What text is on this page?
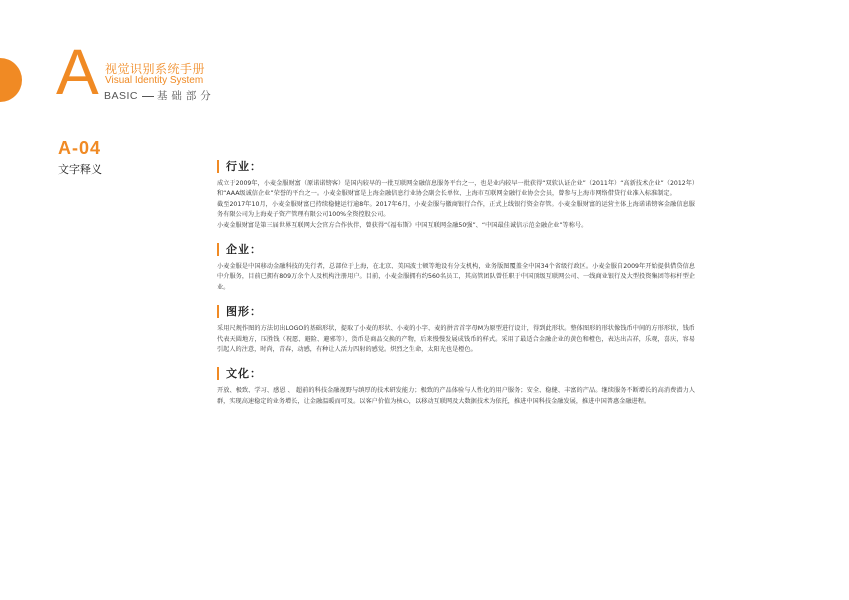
A 视觉识别系统手册
Visual Identity System
BASIC 基 础 部 分
A-04
文字释义	行业：

成立于2009年，小麦金服财富（原诺诺镑客）是国内较早的一批互联网金融信息服务平台之一，也是业内较早一批获得“双软认证企业”（2011年）“高新技术企业”（2012年）和“AAA级诚信企业”荣誉的平台之一。小麦金服财富是上海金融信息行业协会副会长单位、上海市互联网金融行业协会会员，曾参与上海市网络借贷行业准入标准制定。

截至2017年10月，小麦金服财富已持续稳健运行逾8年。2017年6月，小麦金服与徽商银行合作，正式上线银行资金存管。小麦金服财富的运营主体上海诺诺镑客金融信息服务有限公司为上海麦子资产管理有限公司100%全资控股公司。

小麦金服财富是第三届世界互联网大会官方合作伙伴，曾获得“《福布斯》中国互联网金融50强”、“中国最佳诚信示范金融企业”等称号。

企业：

小麦金服是中国移动金融科技的先行者，总部位于上海，在北京、美国波士顿等地设有分支机构，业务版图覆盖全中国34个省级行政区。小麦金服自2009年开始提供借贷信息中介服务，目前已拥有809万余个人及机构注册用户。目前，小麦金服拥有约560名员工，其高管团队曾任职于中国顶级互联网公司、一线商业银行及大型投资集团等标杆型企业。

图形：

采用尺规作图的方法切出LOGO的基础形状，提取了小麦的形状、小麦的小字、麦的拼音首字母M为原型进行设计，得到此形状。整体图形的形状像钱币中间的方形形状，钱币代表天圆地方，压胜钱（祝愿、避险、避邪等），货币是商品交换的产物，后来慢慢发展成钱币的样式。采用了最适合金融企业的黄色和橙色，表达出吉祥，乐观，喜庆，容易引起人的注意，时尚，青春，动感，有种让人活力四射的感觉。炽烈之生命，太阳光也是橙色。

文化：

开放、极致、学习、感恩 、 超前的科技金融视野与缜厚的技术研发能力；极致的产品体验与人性化的用户服务；安全、稳健、丰富的产品。继续服务不断增长的高消费潜力人群，实现高速稳定的业务增长，让金融温暖而可及。以客户价值为核心，以移动互联网及大数据技术为依托，推进中国科技金融发展，推进中国普惠金融进程。
